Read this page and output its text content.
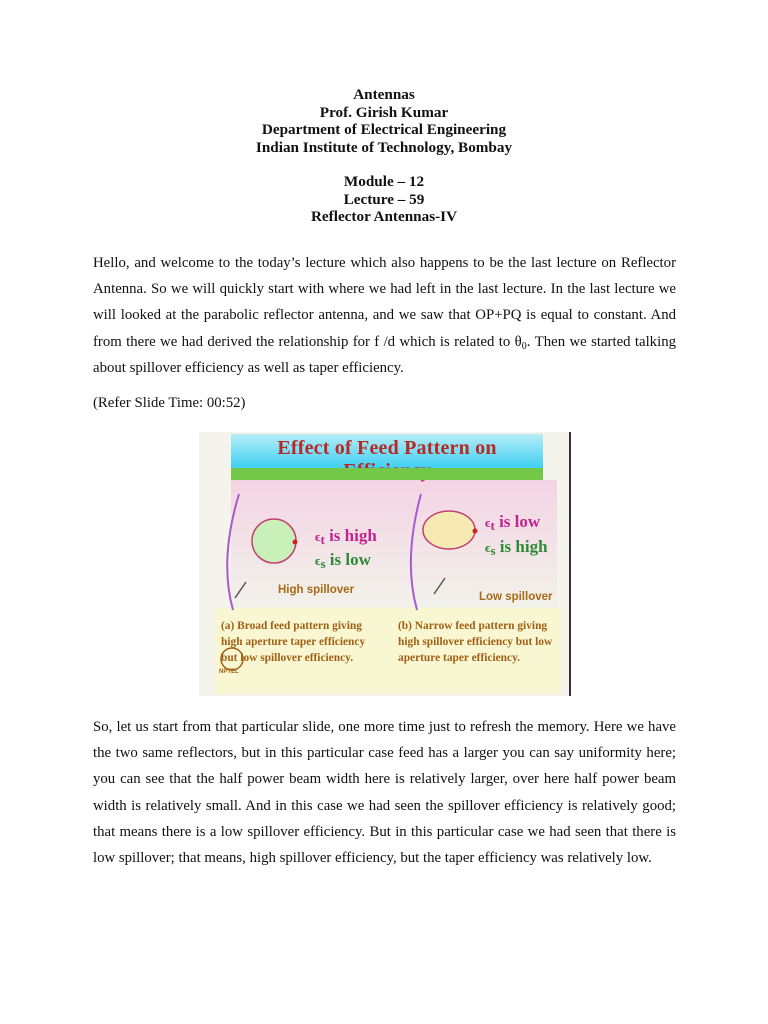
Antennas
Prof. Girish Kumar
Department of Electrical Engineering
Indian Institute of Technology, Bombay
Module – 12
Lecture – 59
Reflector Antennas-IV

Hello, and welcome to the today’s lecture which also happens to be the last lecture on Reflector Antenna. So we will quickly start with where we had left in the last lecture. In the last lecture we will looked at the parabolic reflector antenna, and we saw that OP+PQ is equal to constant. And from there we had derived the relationship for f /d which is related to $\theta_0$. Then we started talking about spillover efficiency as well as taper efficiency.

(Refer Slide Time: 00:52)
Effect of Feed Pattern on
$\epsilon_t$ is high
$\epsilon_s$ is low
$\epsilon_t$ is low
$\epsilon_s$ is high
High spillover
Low spillover
(a) Broad feed pattern giving
high aperture taper efficiency
but low spillover efficiency.
(b) Narrow feed pattern giving
high spillover efficiency but low
aperture taper efficiency.
NPTEL

So, let us start from that particular slide, one more time just to refresh the memory. Here we have the two same reflectors, but in this particular case feed has a larger you can say uniformity here; you can see that the half power beam width here is relatively larger, over here half power beam width is relatively small. And in this case we had seen the spillover efficiency is relatively good; that means there is a low spillover efficiency. But in this particular case we had seen that there is low spillover; that means, high spillover efficiency, but the taper efficiency was relatively low.
